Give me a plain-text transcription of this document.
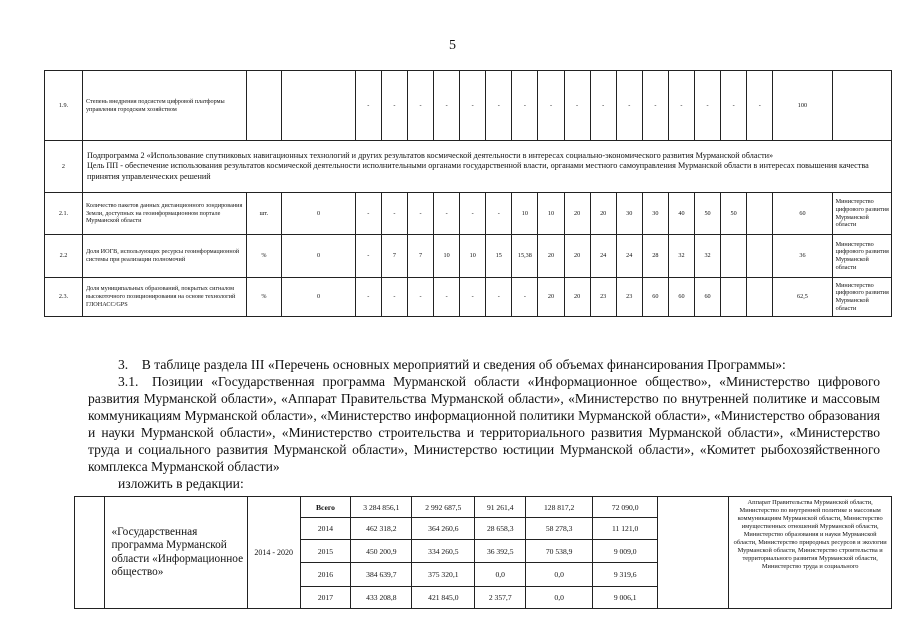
5
1.9.	Степень внедрения подсистем цифровой платформы управления городским хозяйством			-	-	-	-	-	-	-	-	-	-	-	-	-	-	-	-	100	
2	Подпрограмма 2 «Использование спутниковых навигационных технологий и других результатов космической деятельности в интересах социально-экономического развития Мурманской области»
Цель ПП - обеспечение использования результатов космической деятельности исполнительными органами государственной власти, органами местного самоуправления Мурманской области в интересах повышения качества принятия управленческих решений																				

2.1.	Количество пакетов данных дистанционного зондирования Земли, доступных на геоинформационном портале Мурманской области	шт.	0	-	-	-	-	-	-	10	10	20	20	30	30	40	50	50		60	Министерство цифрового развития Мурманской области
2.2	Доля ИОГВ, использующих ресурсы геоинформационной системы при реализации полномочий	%	0	-	7	7	10	10	15	15,38	20	20	24	24	28	32	32			36	Министерство цифрового развития Мурманской области
2.3.	Доля муниципальных образований, покрытых сигналом высокоточного позиционирования на основе технологий ГЛОНАСС/GPS	%	0	-	-	-	-	-	-	-	20	20	23	23	60	60	60			62,5	Министерство цифрового развития Мурманской области
3. В таблице раздела III «Перечень основных мероприятий и сведения об объемах финансирования Программы»:
3.1. Позиции «Государственная программа Мурманской области «Информационное общество», «Министерство цифрового развития Мурманской области», «Аппарат Правительства Мурманской области», «Министерство по внутренней политике и массовым коммуникациям Мурманской области», «Министерство информационной политики Мурманской области», «Министерство образования и науки Мурманской области», «Министерство строительства и территориального развития Мурманской области», «Министерство труда и социального развития Мурманской области», Министерство юстиции Мурманской области», «Комитет рыбохозяйственного комплекса Мурманской области»
изложить в редакции:
	«Государственная программа Мурманской области «Информационное общество»	2014 - 2020	Всего	3 284 856,1	2 992 687,5	91 261,4	128 817,2	72 090,0		Аппарат Правительства Мурманской области, Министерство по внутренней политике и массовым коммуникациям Мурманской области, Министерство имущественных отношений Мурманской области, Министерство образования и науки Мурманской области, Министерство природных ресурсов и экологии Мурманской области, Министерство строительства и территориального развития Мурманской области, Министерство труда и социального
			2014	462 318,2	364 260,6	28 658,3	58 278,3	11 121,0		
			2015	450 200,9	334 260,5	36 392,5	70 538,9	9 009,0		
			2016	384 639,7	375 320,1	0,0	0,0	9 319,6		
			2017	433 208,8	421 845,0	2 357,7	0,0	9 006,1		
